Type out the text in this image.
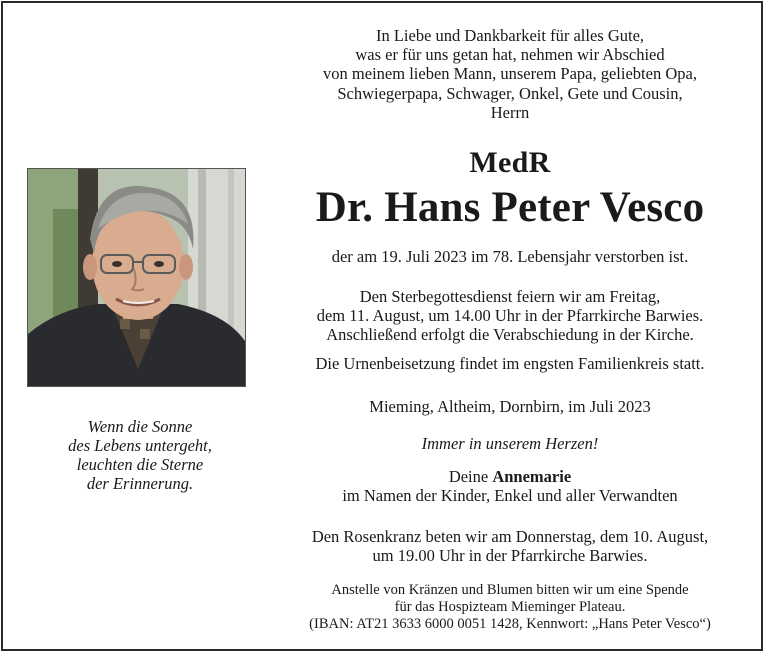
In Liebe und Dankbarkeit für alles Gute,
was er für uns getan hat, nehmen wir Abschied
von meinem lieben Mann, unserem Papa, geliebten Opa,
Schwiegerpapa, Schwager, Onkel, Gete und Cousin,
Herrn
MedR
Dr. Hans Peter Vesco
der am 19. Juli 2023 im 78. Lebensjahr verstorben ist.
Den Sterbegottesdienst feiern wir am Freitag,
dem 11. August, um 14.00 Uhr in der Pfarrkirche Barwies.
Anschließend erfolgt die Verabschiedung in der Kirche.
Die Urnenbeisetzung findet im engsten Familienkreis statt.
Mieming, Altheim, Dornbirn, im Juli 2023
Immer in unserem Herzen!
Deine Annemarie
im Namen der Kinder, Enkel und aller Verwandten
Den Rosenkranz beten wir am Donnerstag, dem 10. August,
um 19.00 Uhr in der Pfarrkirche Barwies.
Anstelle von Kränzen und Blumen bitten wir um eine Spende
für das Hospizteam Mieminger Plateau.
(IBAN: AT21 3633 6000 0051 1428, Kennwort: „Hans Peter Vesco“)
Wenn die Sonne
des Lebens untergeht,
leuchten die Sterne
der Erinnerung.
